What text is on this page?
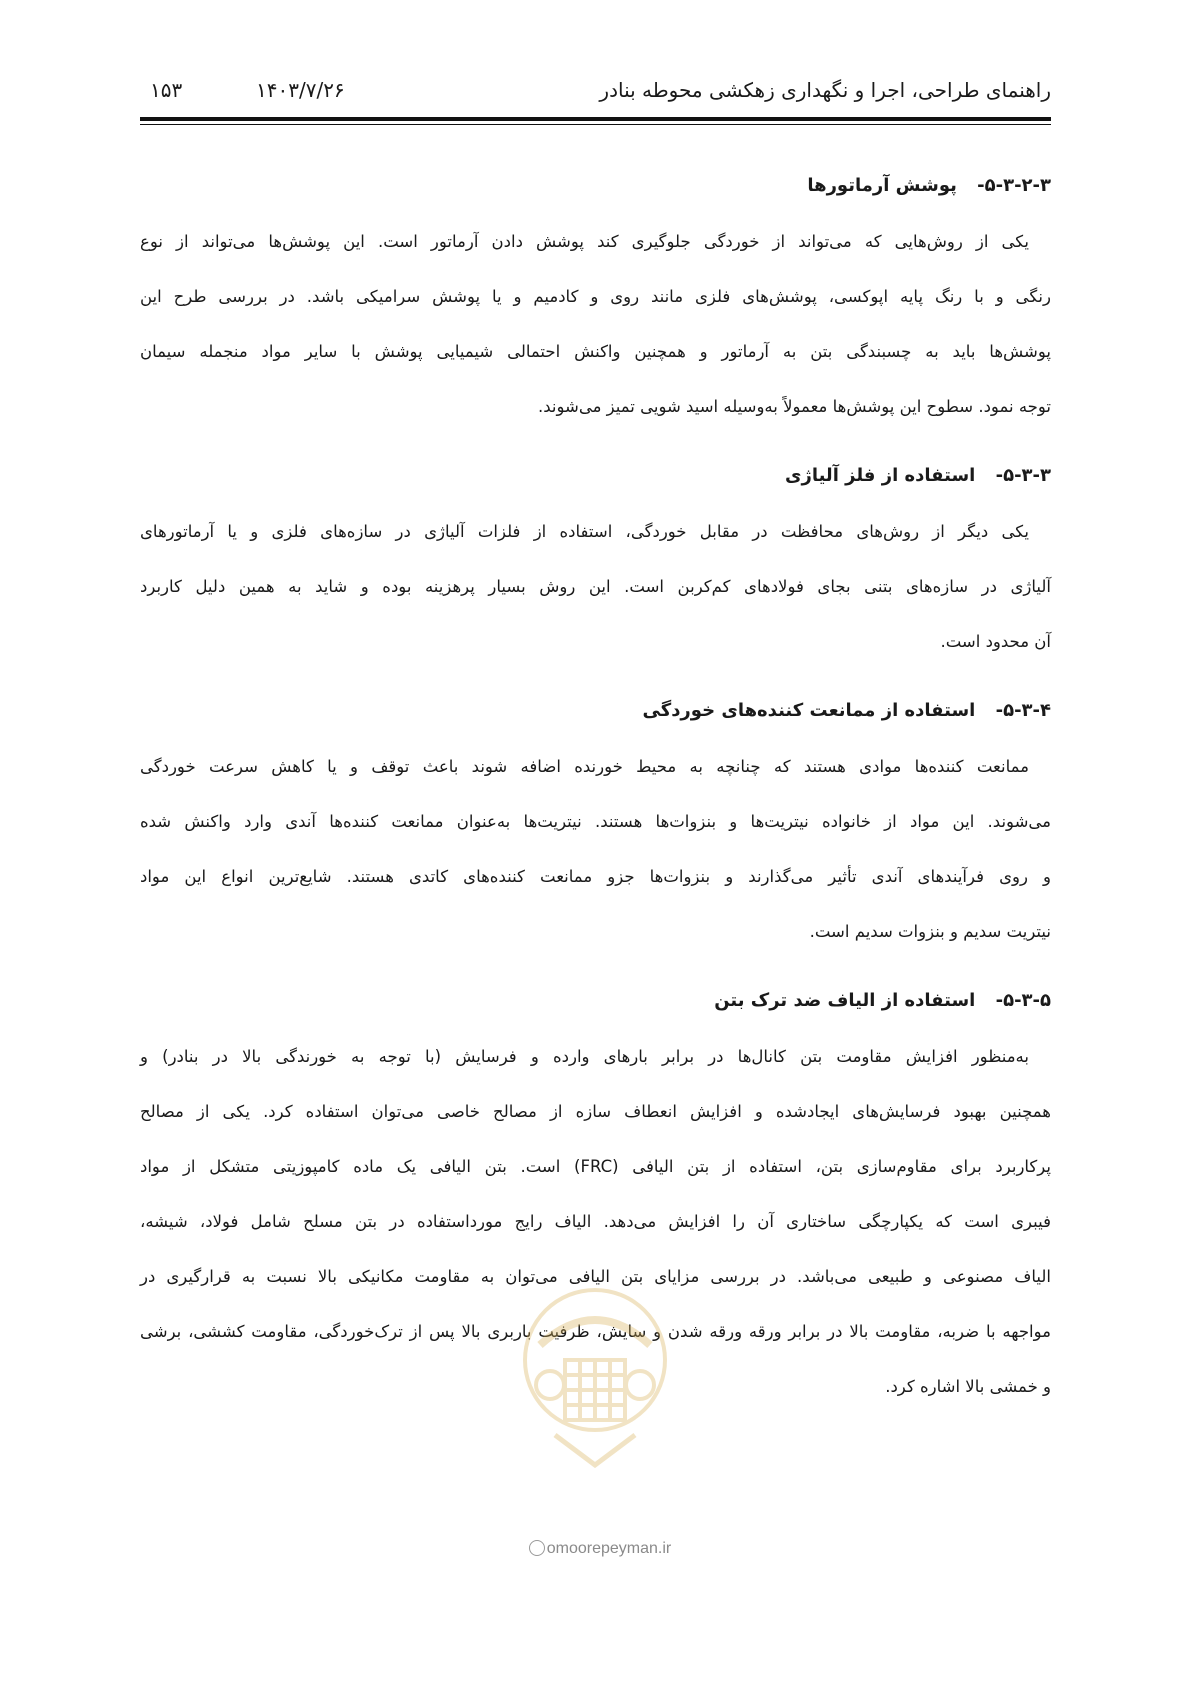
راهنمای طراحی، اجرا و نگهداری زهکشی محوطه بنادر
۱۴۰۳/۷/۲۶
۱۵۳
۵-۳-۲-۳- پوشش آرماتورها

یکی از روش‌هایی که می‌تواند از خوردگی جلوگیری کند پوشش دادن آرماتور است. این پوشش‌ها می‌تواند از نوع

رنگی و با رنگ پایه اپوکسی، پوشش‌های فلزی مانند روی و کادمیم و یا پوشش سرامیکی باشد. در بررسی طرح این

پوشش‌ها باید به چسبندگی بتن به آرماتور و همچنین واکنش احتمالی شیمیایی پوشش با سایر مواد منجمله سیمان

توجه نمود. سطوح این پوشش‌ها معمولاً به‌وسیله اسید شویی تمیز می‌شوند.

۵-۳-۳- استفاده از فلز آلیاژی

یکی دیگر از روش‌های محافظت در مقابل خوردگی، استفاده از فلزات آلیاژی در سازه‌های فلزی و یا آرماتورهای

آلیاژی در سازه‌های بتنی بجای فولادهای کم‌کربن است. این روش بسیار پرهزینه بوده و شاید به همین دلیل کاربرد

آن محدود است.

۵-۳-۴- استفاده از ممانعت کننده‌های خوردگی

ممانعت کننده‌ها موادی هستند که چنانچه به محیط خورنده اضافه شوند باعث توقف و یا کاهش سرعت خوردگی

می‌شوند. این مواد از خانواده نیتریت‌ها و بنزوات‌ها هستند. نیتریت‌ها به‌عنوان ممانعت کننده‌ها آندی وارد واکنش شده

و روی فرآیندهای آندی تأثیر می‌گذارند و بنزوات‌ها جزو ممانعت کننده‌های کاتدی هستند. شایع‌ترین انواع این مواد

نیتریت سدیم و بنزوات سدیم است.

۵-۳-۵- استفاده از الیاف ضد ترک بتن

به‌منظور افزایش مقاومت بتن کانال‌ها در برابر بارهای وارده و فرسایش (با توجه به خورندگی بالا در بنادر) و

همچنین بهبود فرسایش‌های ایجادشده و افزایش انعطاف سازه از مصالح خاصی می‌توان استفاده کرد. یکی از مصالح

پرکاربرد برای مقاوم‌سازی بتن، استفاده از بتن الیافی (FRC) است. بتن الیافی یک ماده کامپوزیتی متشکل از مواد

فیبری است که یکپارچگی ساختاری آن را افزایش می‌دهد. الیاف رایج مورداستفاده در بتن مسلح شامل فولاد، شیشه،

الیاف مصنوعی و طبیعی می‌باشد. در بررسی مزایای بتن الیافی می‌توان به مقاومت مکانیکی بالا نسبت به قرارگیری در

مواجهه با ضربه، مقاومت بالا در برابر ورقه ورقه شدن و سایش، ظرفیت باربری بالا پس از ترک‌خوردگی، مقاومت کششی، برشی

و خمشی بالا اشاره کرد.

omoorepeyman.ir
